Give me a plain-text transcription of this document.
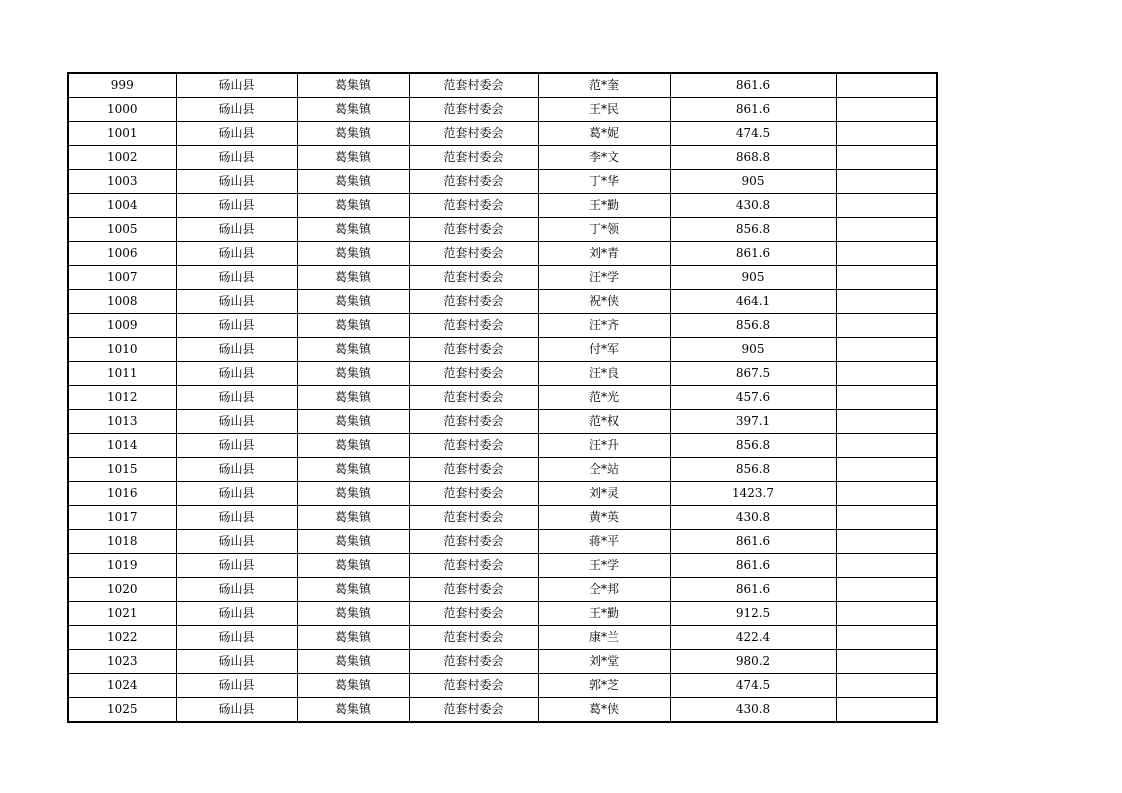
999	砀山县	葛集镇	范套村委会	范*奎	861.6	
1000	砀山县	葛集镇	范套村委会	王*民	861.6	
1001	砀山县	葛集镇	范套村委会	葛*妮	474.5	
1002	砀山县	葛集镇	范套村委会	李*文	868.8	
1003	砀山县	葛集镇	范套村委会	丁*华	905	
1004	砀山县	葛集镇	范套村委会	王*勤	430.8	
1005	砀山县	葛集镇	范套村委会	丁*领	856.8	
1006	砀山县	葛集镇	范套村委会	刘*青	861.6	
1007	砀山县	葛集镇	范套村委会	汪*学	905	
1008	砀山县	葛集镇	范套村委会	祝*侠	464.1	
1009	砀山县	葛集镇	范套村委会	汪*齐	856.8	
1010	砀山县	葛集镇	范套村委会	付*军	905	
1011	砀山县	葛集镇	范套村委会	汪*良	867.5	
1012	砀山县	葛集镇	范套村委会	范*光	457.6	
1013	砀山县	葛集镇	范套村委会	范*权	397.1	
1014	砀山县	葛集镇	范套村委会	汪*升	856.8	
1015	砀山县	葛集镇	范套村委会	仝*站	856.8	
1016	砀山县	葛集镇	范套村委会	刘*灵	1423.7	
1017	砀山县	葛集镇	范套村委会	黄*英	430.8	
1018	砀山县	葛集镇	范套村委会	蒋*平	861.6	
1019	砀山县	葛集镇	范套村委会	王*学	861.6	
1020	砀山县	葛集镇	范套村委会	仝*邦	861.6	
1021	砀山县	葛集镇	范套村委会	王*勤	912.5	
1022	砀山县	葛集镇	范套村委会	康*兰	422.4	
1023	砀山县	葛集镇	范套村委会	刘*堂	980.2	
1024	砀山县	葛集镇	范套村委会	郭*芝	474.5	
1025	砀山县	葛集镇	范套村委会	葛*侠	430.8	
